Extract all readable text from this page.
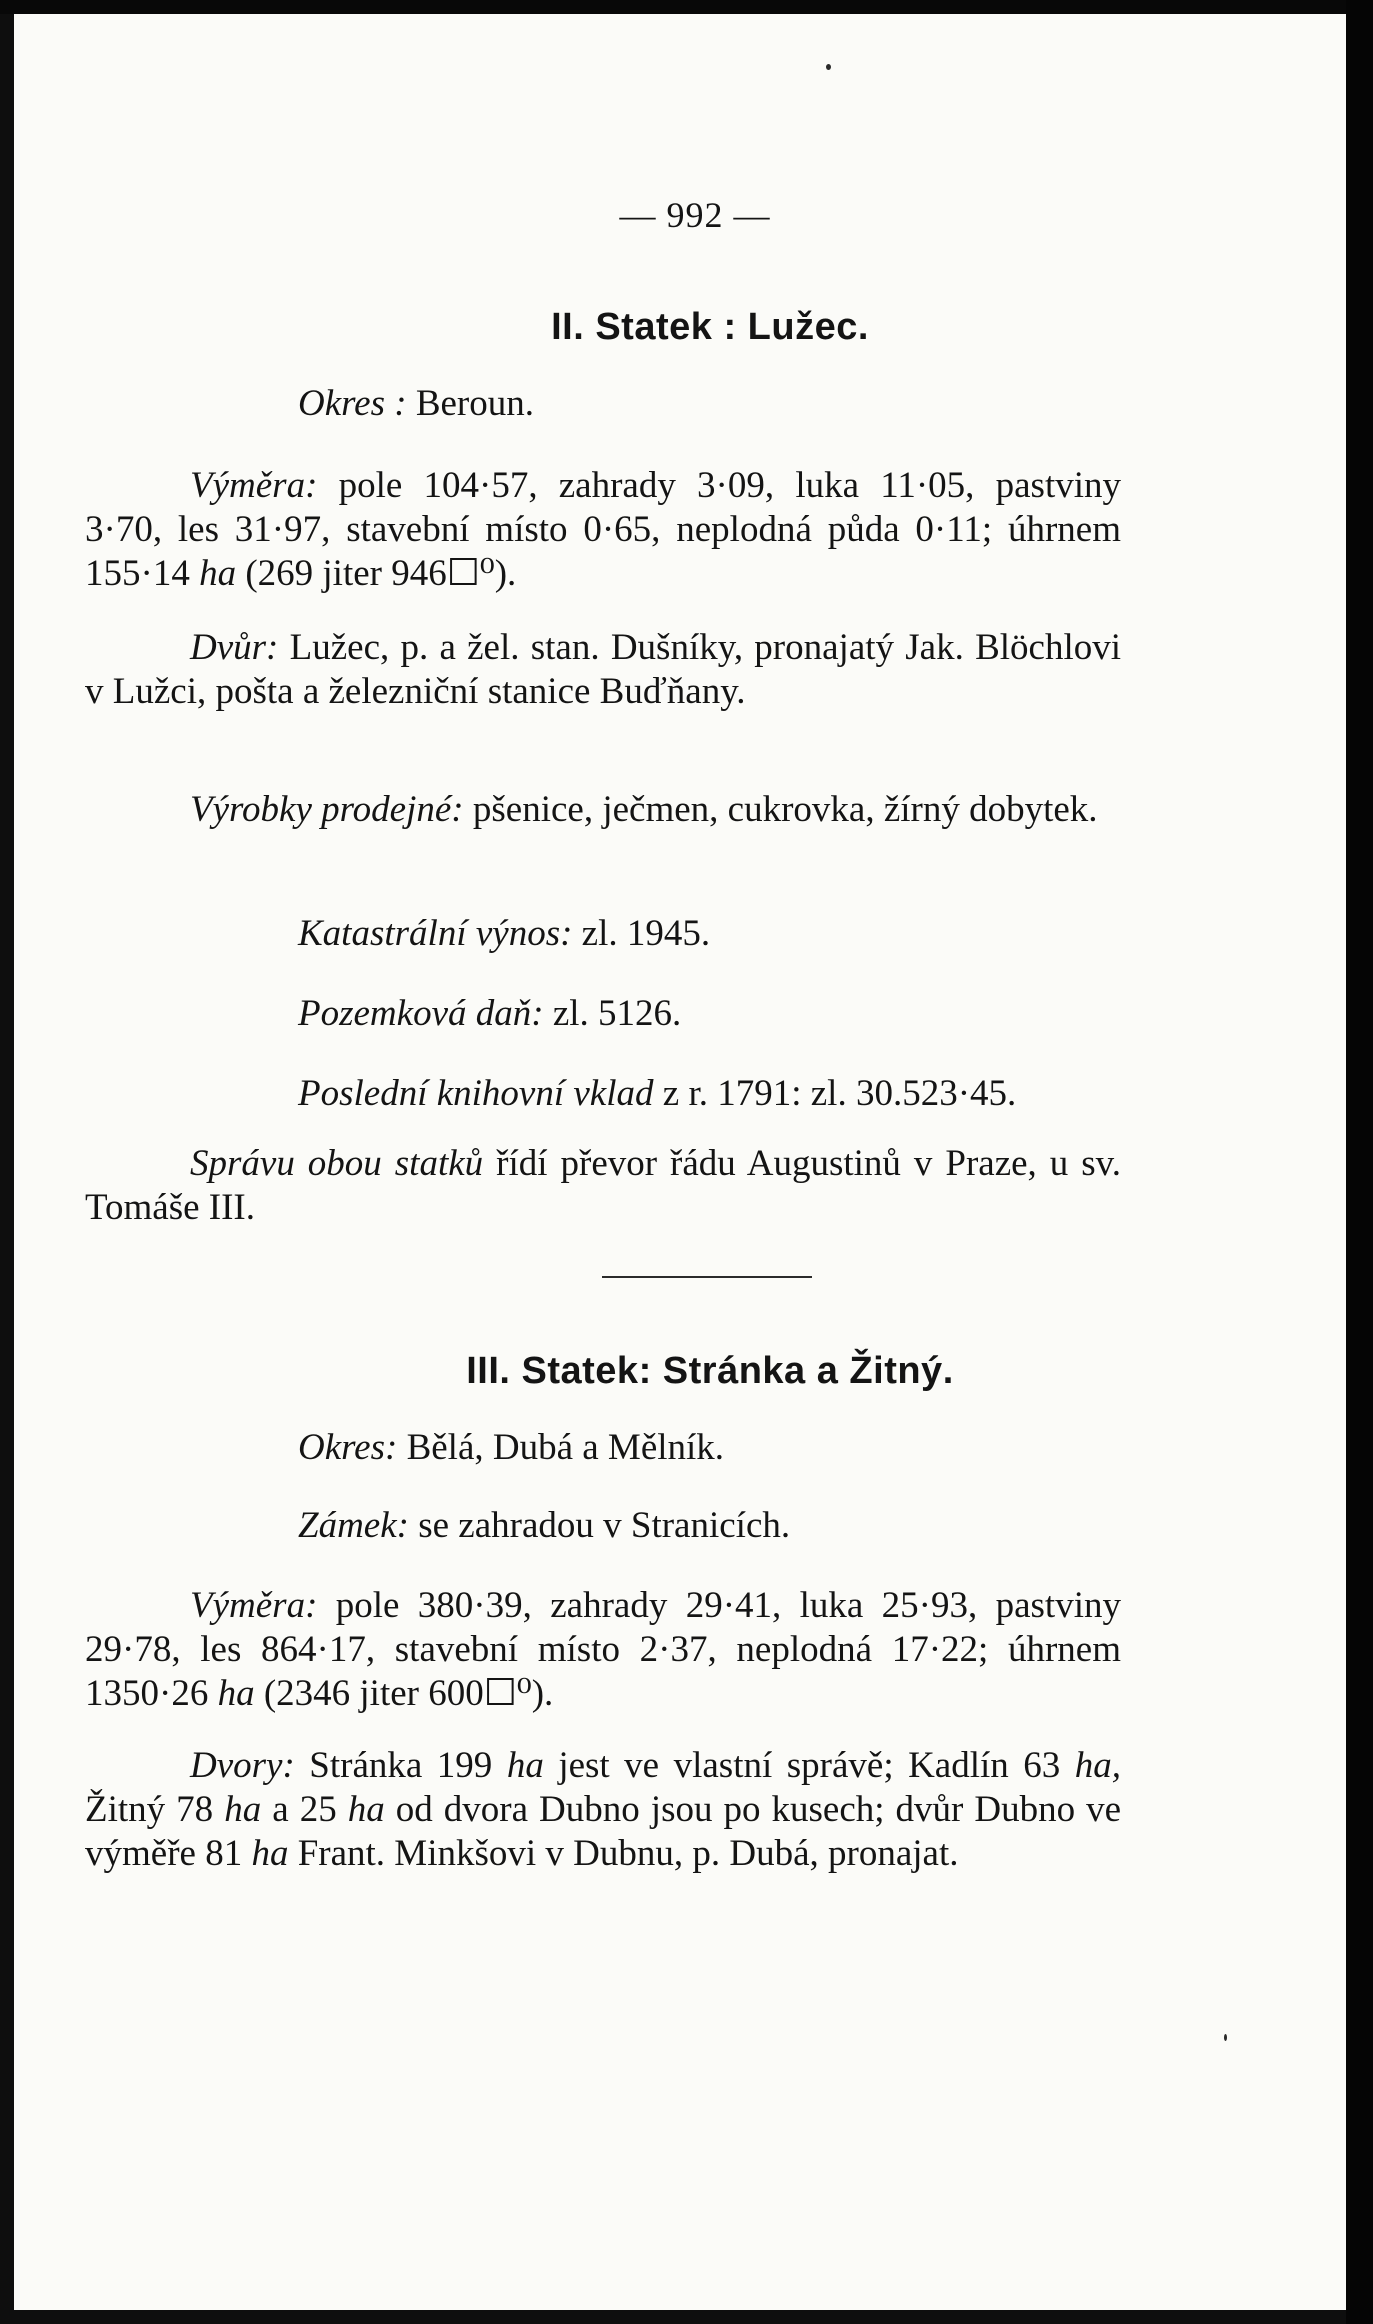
— 992 —
II. Statek : Lužec.
Okres : Beroun.
Výměra: pole 104·57, zahrady 3·09, luka 11·05, pastviny 3·70, les 31·97, stavební místo 0·65, neplodná půda 0·11; úhrnem 155·14 ha (269 jiter 946☐⁰).
Dvůr: Lužec, p. a žel. stan. Dušníky, pronajatý Jak. Blöchlovi v Lužci, pošta a železniční stanice Buďňany.
Výrobky prodejné: pšenice, ječmen, cukrovka, žírný dobytek.
Katastrální výnos: zl. 1945.
Pozemková daň: zl. 5126.
Poslední knihovní vklad z r. 1791: zl. 30.523·45.
Správu obou statků řídí převor řádu Augustinů v Praze, u sv. Tomáše III.
III. Statek: Stránka a Žitný.
Okres: Bělá, Dubá a Mělník.
Zámek: se zahradou v Stranicích.
Výměra: pole 380·39, zahrady 29·41, luka 25·93, pastviny 29·78, les 864·17, stavební místo 2·37, neplodná 17·22; úhrnem 1350·26 ha (2346 jiter 600☐⁰).
Dvory: Stránka 199 ha jest ve vlastní správě; Kadlín 63 ha, Žitný 78 ha a 25 ha od dvora Dubno jsou po kusech; dvůr Dubno ve výměře 81 ha Frant. Minkšovi v Dubnu, p. Dubá, pronajat.
